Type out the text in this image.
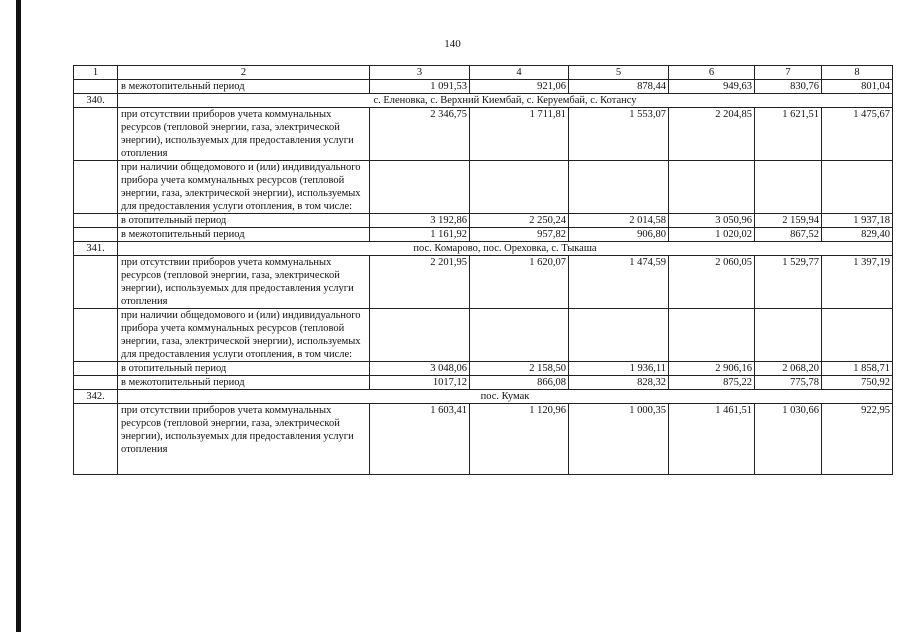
140
1	2	3	4	5	6	7	8
	в межотопительный период	1 091,53	921,06	878,44	949,63	830,76	801,04
340.	с. Еленовка, с. Верхний Киембай, с. Керуембай, с. Котансу						
	при отсутствии приборов учета коммунальных ресурсов (тепловой энергии, газа, электрической энергии), используемых для предоставления услуги отопления	2 346,75	1 711,81	1 553,07	2 204,85	1 621,51	1 475,67
	при наличии общедомового и (или) индивидуального прибора учета коммунальных ресурсов (тепловой энергии, газа, электрической энергии), используемых для предоставления услуги отопления, в том числе:						
	в отопительный период	3 192,86	2 250,24	2 014,58	3 050,96	2 159,94	1 937,18
	в межотопительный период	1 161,92	957,82	906,80	1 020,02	867,52	829,40
341.	пос. Комарово, пос. Ореховка, с. Тыкаша						
	при отсутствии приборов учета коммунальных ресурсов (тепловой энергии, газа, электрической энергии), используемых для предоставления услуги отопления	2 201,95	1 620,07	1 474,59	2 060,05	1 529,77	1 397,19
	при наличии общедомового и (или) индивидуального прибора учета коммунальных ресурсов (тепловой энергии, газа, электрической энергии), используемых для предоставления услуги отопления, в том числе:						
	в отопительный период	3 048,06	2 158,50	1 936,11	2 906,16	2 068,20	1 858,71
	в межотопительный период	1017,12	866,08	828,32	875,22	775,78	750,92
342.	пос. Кумак						
	при отсутствии приборов учета коммунальных ресурсов (тепловой энергии, газа, электрической энергии), используемых для предоставления услуги отопления	1 603,41	1 120,96	1 000,35	1 461,51	1 030,66	922,95
